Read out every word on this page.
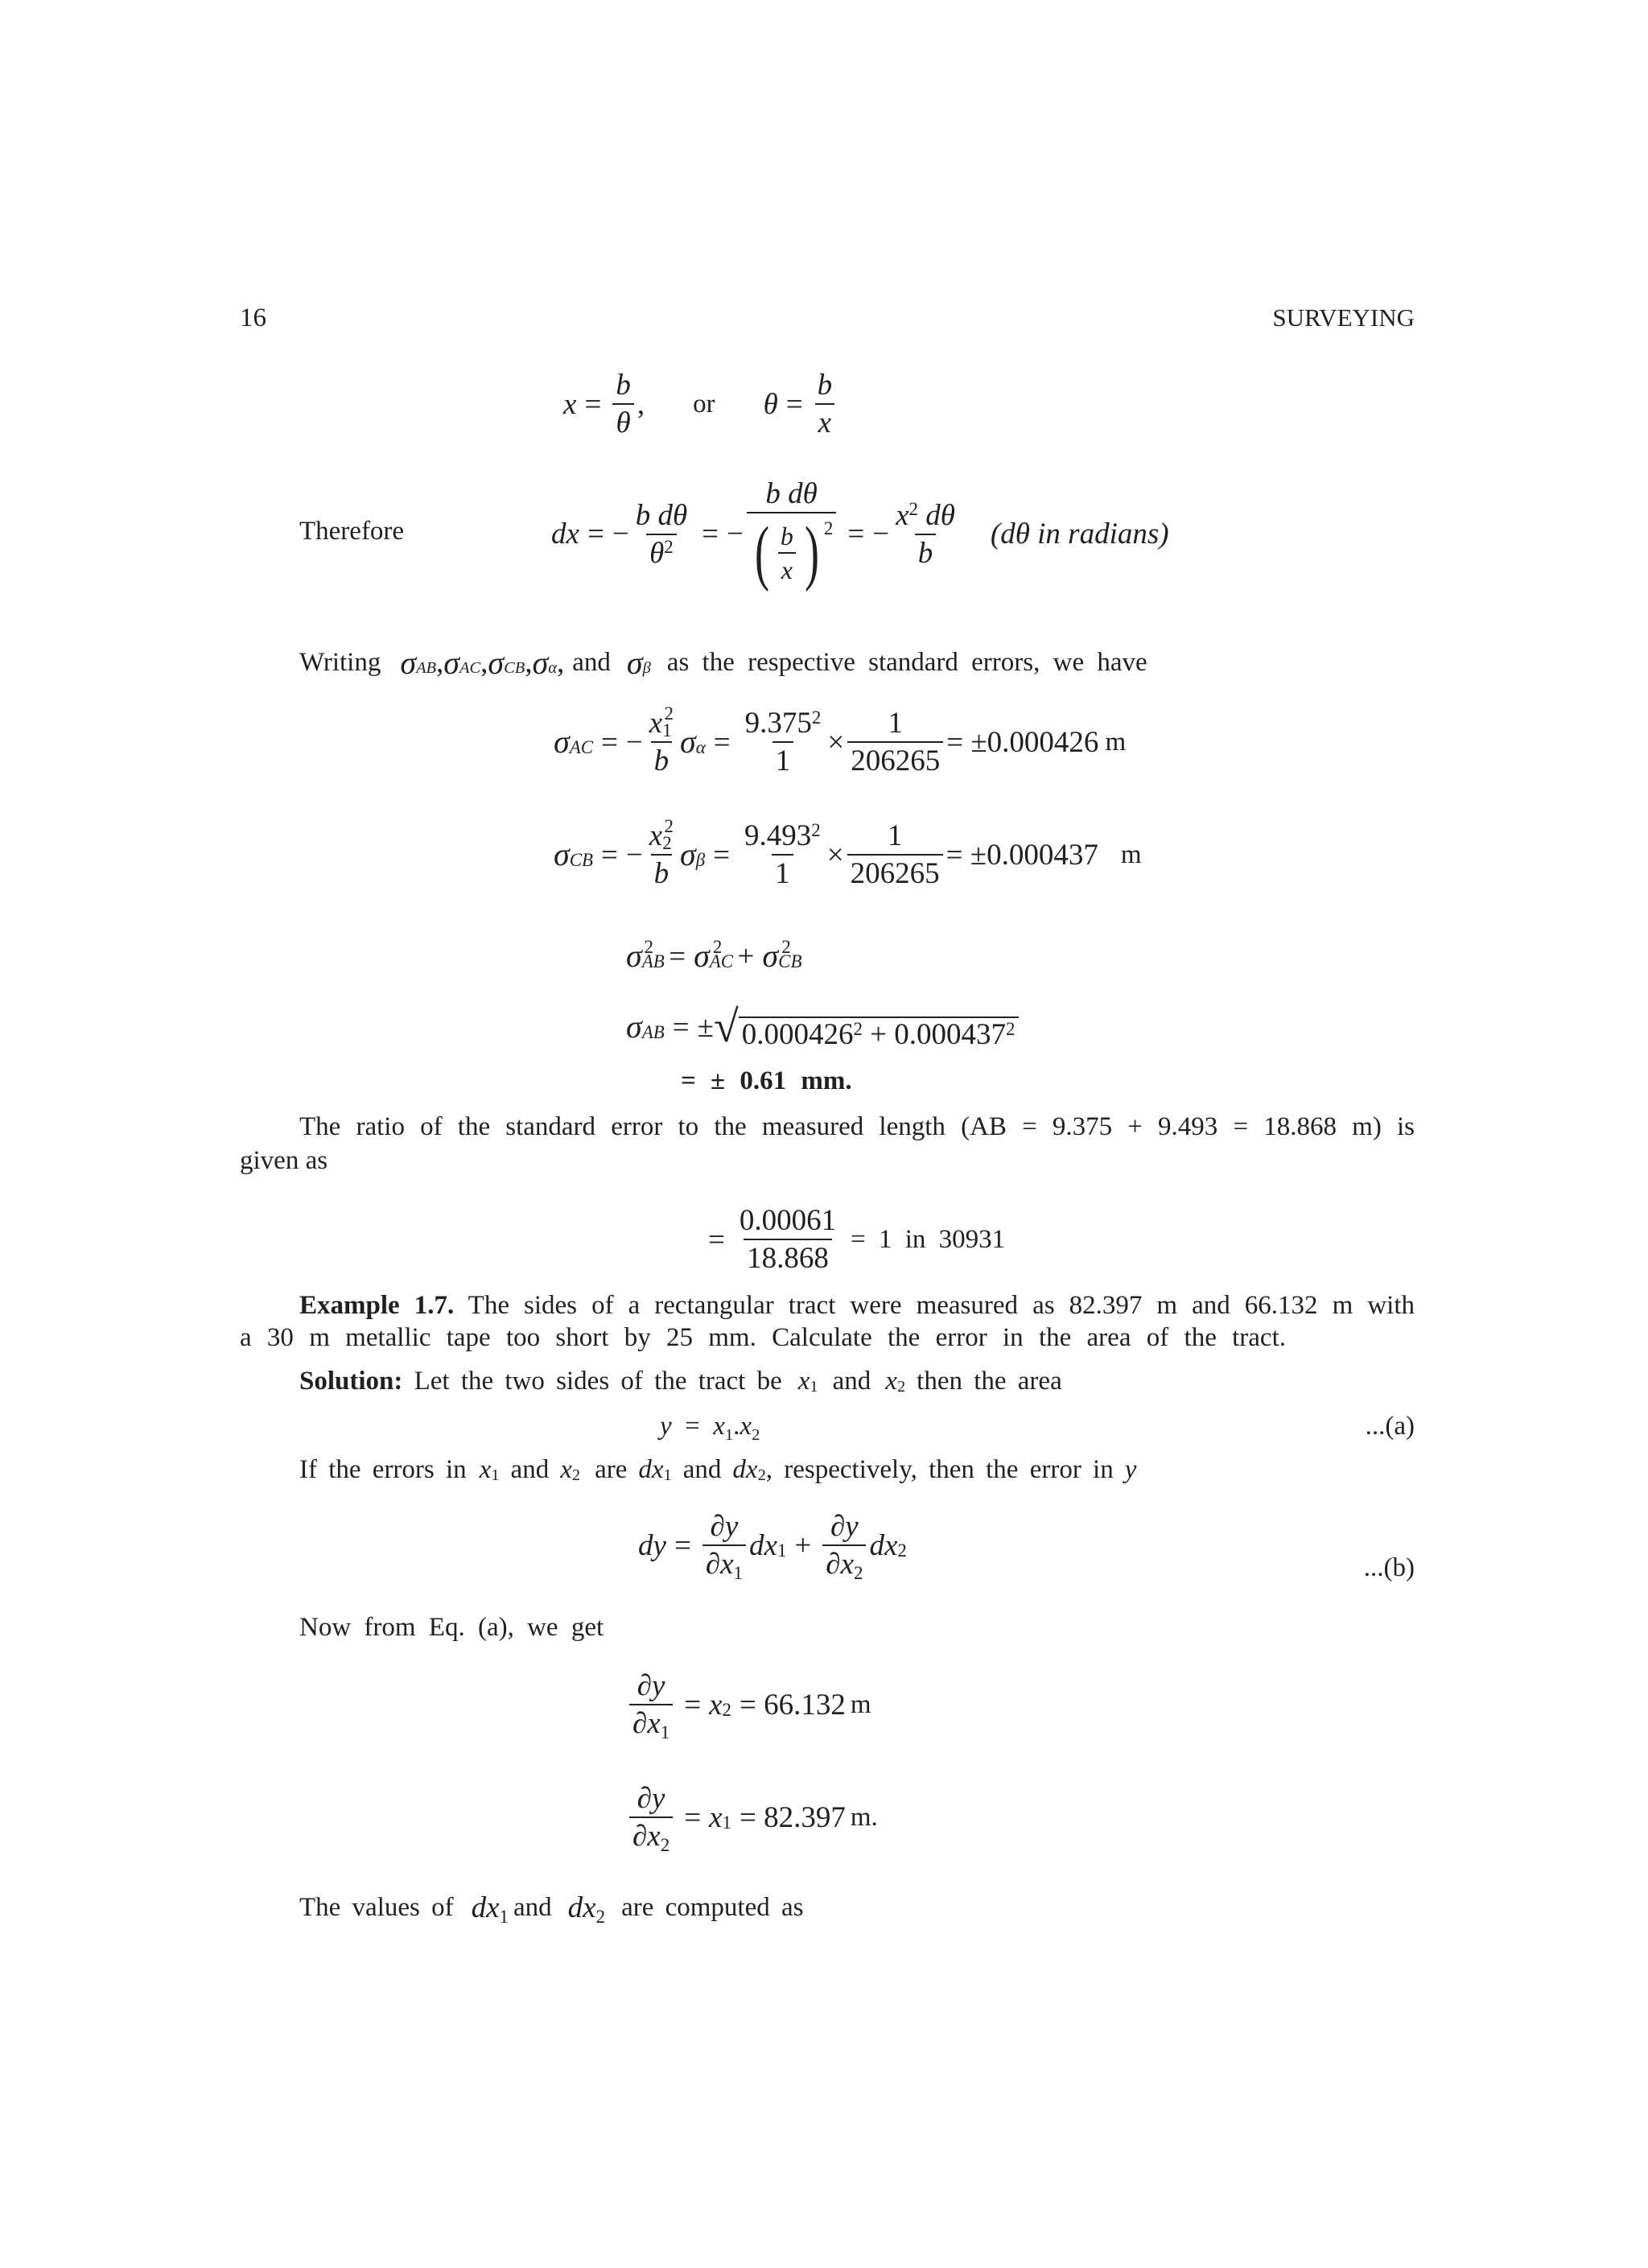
16	SURVEYING
$x = \frac{b}{\theta}$ , or $\theta = \frac{b}{x}$
Therefore	dx = − $\frac{\text{b dθ}}{\theta^2}$ = − $\frac{\text{b dθ}}{( \frac{b}{x} ) ^2}$ = − $\frac{x^2 d\theta}{b} (d\theta$ in radians)
Writing $\sigma_{AB}$ , $\sigma_{AC}$ , $\sigma_{CB}$ , $\sigma_\alpha$ , and $\sigma_\beta$ as the respective standard errors, we have
$\sigma_{AC}$ = − $\frac{x_1^2}{b} \sigma_\alpha = \frac{9.375^2}{1} \times \frac{1}{206265} = \pm 0.000426$ m
$\sigma_{CB}$ = − $\frac{x_2^2}{b} \sigma_\beta = \frac{9.493^2}{1} \times \frac{1}{206265} = \pm 0.000437$ m
$\sigma_{AB}$
$^2 = \sigma_{AC}$
$^2 + \sigma_{CB}$
$^2$
$\sigma_{AB}$ = ± √ $0.000426^2 + 0.000437^2$
= ± 0.61 mm.
The ratio of the standard error to the measured length (AB = 9.375 + 9.493 = 18.868 m) is
given as
= $\frac{0.00061}{18.868} = 1$ in 30931
Example 1.7. The sides of a rectangular tract were measured as 82.397 m and 66.132 m with
a 30 m metallic tape too short by 25 mm. Calculate the error in the area of the tract.
Solution: Let the two sides of the tract be $x_1$ and $x_2$ then the area
$y = x_1.x_2$	...(a)
If the errors in $x_1$ and $x_2$ are $dx_1$ and $dx_2$ , respectively, then the error in y
dy = $\frac{\partial y}{\partial x_1} dx_1 + \frac{\partial y}{\partial x_2} dx_2$
...(b)
Now from Eq. (a), we get
$\frac{\partial y}{\partial x_1} = x_2 = 66.132$ m
$\frac{\partial y}{\partial x_2} = x_1 = 82.397$ m.
The values of $dx_1$ and $dx_2$ are computed as
